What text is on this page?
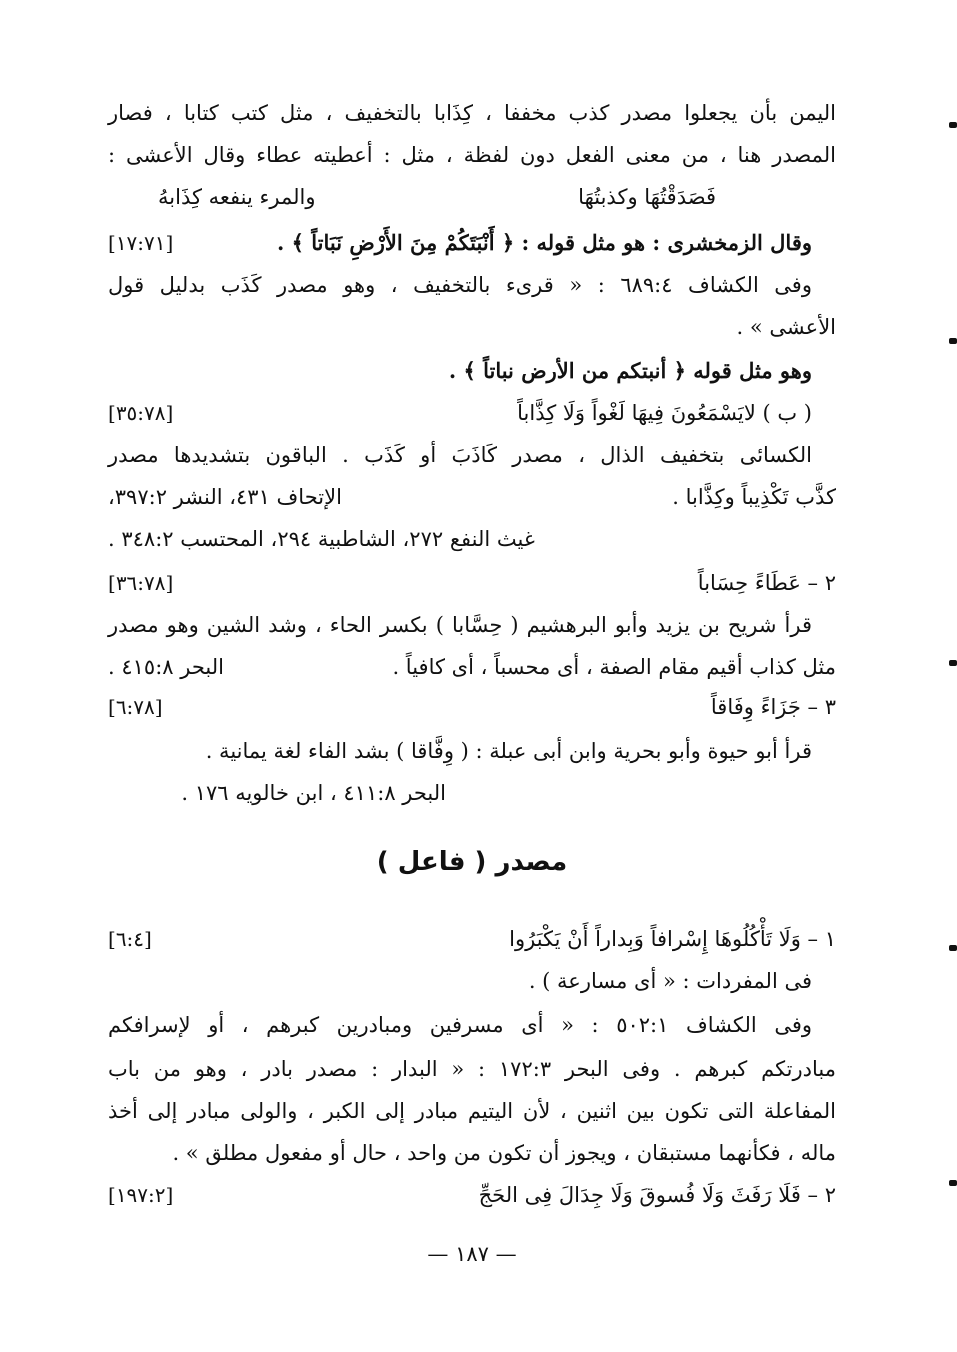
اليمن بأن يجعلوا مصدر كذب مخففا ، كِذَابا بالتخفيف ، مثل كتب كتابا ، فصار
المصدر هنا ، من معنى الفعل دون لفظة ، مثل : أعطيته عطاء وقال الأعشى :
فَصَدَقْتُهَا وكذبتُهَا
والمرء ينفعه كِذَابهُ
وقال الزمخشرى : هو مثل قوله : ﴿ أَنْبَتَكُمْ مِنَ الأَرْضِ نَبَاتاً ﴾ .
[١٧:٧١]
وفى الكشاف ٦٨٩:٤ : « قرىء بالتخفيف ، وهو مصدر كَذَب بدليل قول
الأعشى » .
وهو مثل قوله ﴿ أنبتكم من الأرض نباتاً ﴾ .
( ب ) لايَسْمَعُونَ فِيهَا لَغْواً وَلَا كِذَّاباً
[٣٥:٧٨]
الكسائى بتخفيف الذال ، مصدر كَاذَبَ أو كَذَب . الباقون بتشديدها مصدر
كذَّب تَكْذِيباً وكِذَّابا .
الإتحاف ٤٣١، النشر ٣٩٧:٢،
غيث النفع ٢٧٢، الشاطبية ٢٩٤، المحتسب ٣٤٨:٢ .
٢ – عَطَاءً حِسَاباً
[٣٦:٧٨]
قرأ شريح بن يزيد وأبو البرهشيم ( حِسَّابا ) بكسر الحاء ، وشد الشين وهو مصدر
مثل كذاب أقيم مقام الصفة ، أى محسباً ، أى كافياً .
البحر ٤١٥:٨ .
٣ – جَزَاءً وِفَاقاً
[٦:٧٨]
قرأ أبو حيوة وأبو بحرية وابن أبى عبلة : ( وِفَّاقا ) بشد الفاء لغة يمانية .
البحر ٤١١:٨ ، ابن خالويه ١٧٦ .
مصدر ( فاعل )
١ – وَلَا تَأْكُلُوهَا إِسْرافاً وَبِداراً أَنْ يَكْبَرُوا
[٦:٤]
فى المفردات : « أى مسارعة ) .
وفى الكشاف ٥٠٢:١ : « أى مسرفين ومبادرين كبرهم ، أو لإسرافكم
مبادرتكم كبرهم . وفى البحر ١٧٢:٣ : « البدار : مصدر بادر ، وهو من باب
المفاعلة التى تكون بين اثنين ، لأن اليتيم مبادر إلى الكبر ، والولى مبادر إلى أخذ
ماله ، فكأنهما مستبقان ، ويجوز أن تكون من واحد ، حال أو مفعول مطلق » .
٢ – فَلَا رَفَثَ وَلَا فُسوقَ وَلَا جِدَالَ فِى الحَجِّ
[١٩٧:٢]
— ١٨٧ —
